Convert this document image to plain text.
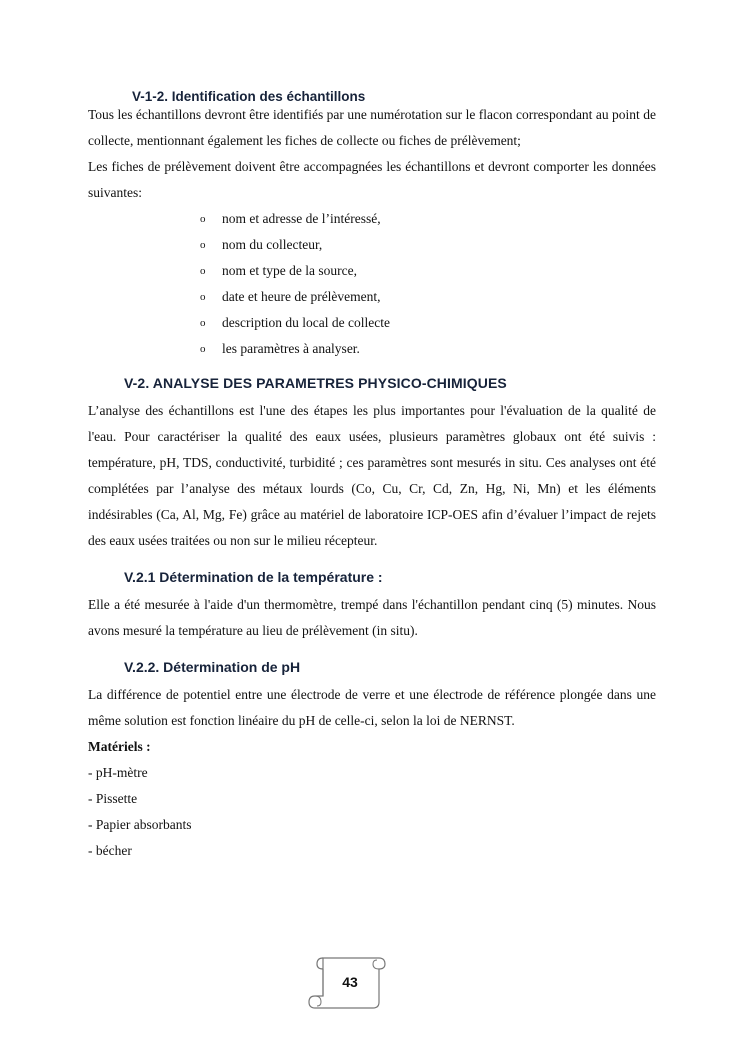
V-1-2. Identification des échantillons

Tous les échantillons devront être identifiés par une numérotation sur le flacon correspondant au point de collecte, mentionnant également les fiches de collecte ou fiches de prélèvement;

Les fiches de prélèvement doivent être accompagnées les échantillons et devront comporter les données suivantes:

o nom et adresse de l’intéressé,
o nom du collecteur,
o nom et type de la source,
o date et heure de prélèvement,
o description du local de collecte
o les paramètres à analyser.
V-2. ANALYSE DES PARAMETRES PHYSICO-CHIMIQUES

L’analyse des échantillons est l'une des étapes les plus importantes pour l'évaluation de la qualité de l'eau. Pour caractériser la qualité des eaux usées, plusieurs paramètres globaux ont été suivis : température, pH, TDS, conductivité, turbidité ; ces paramètres sont mesurés in situ. Ces analyses ont été complétées par l’analyse des métaux lourds (Co, Cu, Cr, Cd, Zn, Hg, Ni, Mn) et les éléments indésirables (Ca, Al, Mg, Fe) grâce au matériel de laboratoire ICP-OES afin d’évaluer l’impact de rejets des eaux usées traitées ou non sur le milieu récepteur.

V.2.1 Détermination de la température :

Elle a été mesurée à l'aide d'un thermomètre, trempé dans l'échantillon pendant cinq (5) minutes. Nous avons mesuré la température au lieu de prélèvement (in situ).

V.2.2. Détermination de pH

La différence de potentiel entre une électrode de verre et une électrode de référence plongée dans une même solution est fonction linéaire du pH de celle-ci, selon la loi de NERNST.

Matériels :

- pH-mètre

- Pissette

- Papier absorbants

- bécher

43
